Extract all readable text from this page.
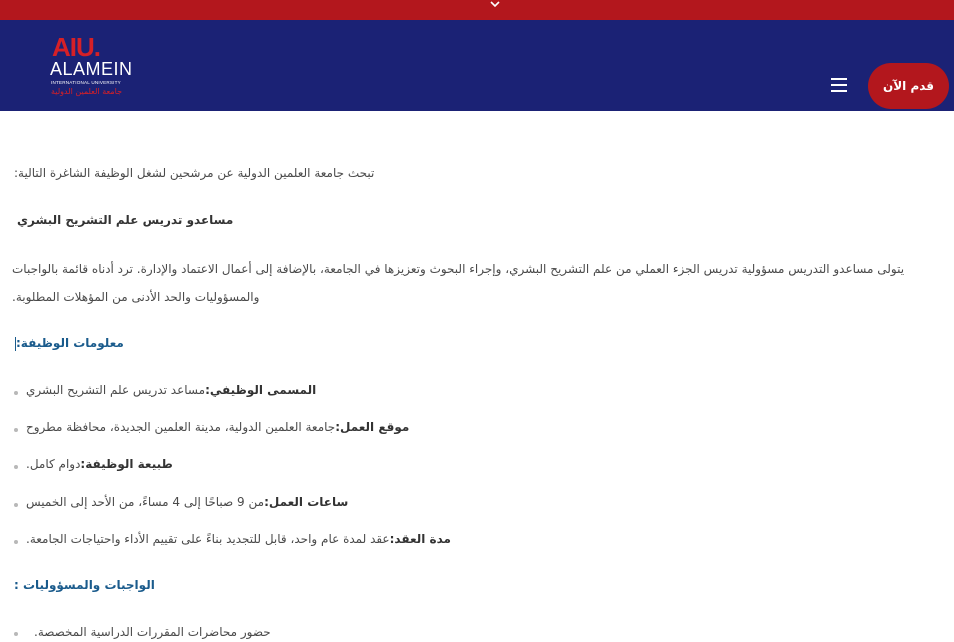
AIU.
ALAMEIN
INTERNATIONAL UNIVERSITY
جامعة العلمين الدولية	قدم الآن
تبحث جامعة العلمين الدولية عن مرشحين لشغل الوظيفة الشاغرة التالية:
مساعدو تدريس علم التشريح البشري
يتولى مساعدو التدريس مسؤولية تدريس الجزء العملي من علم التشريح البشري، وإجراء البحوث وتعزيزها في الجامعة، بالإضافة إلى أعمال الاعتماد والإدارة. ترد أدناه قائمة بالواجبات
والمسؤوليات والحد الأدنى من المؤهلات المطلوبة.
معلومات الوظيفة:
المسمى الوظيفي:مساعد تدريس علم التشريح البشري
موقع العمل:جامعة العلمين الدولية، مدينة العلمين الجديدة، محافظة مطروح
طبيعة الوظيفة:دوام كامل.
ساعات العمل:من 9 صباحًا إلى 4 مساءً، من الأحد إلى الخميس
مدة العقد:عقد لمدة عام واحد، قابل للتجديد بناءً على تقييم الأداء واحتياجات الجامعة.
الواجبات والمسؤوليات :
حضور محاضرات المقررات الدراسية المخصصة.
